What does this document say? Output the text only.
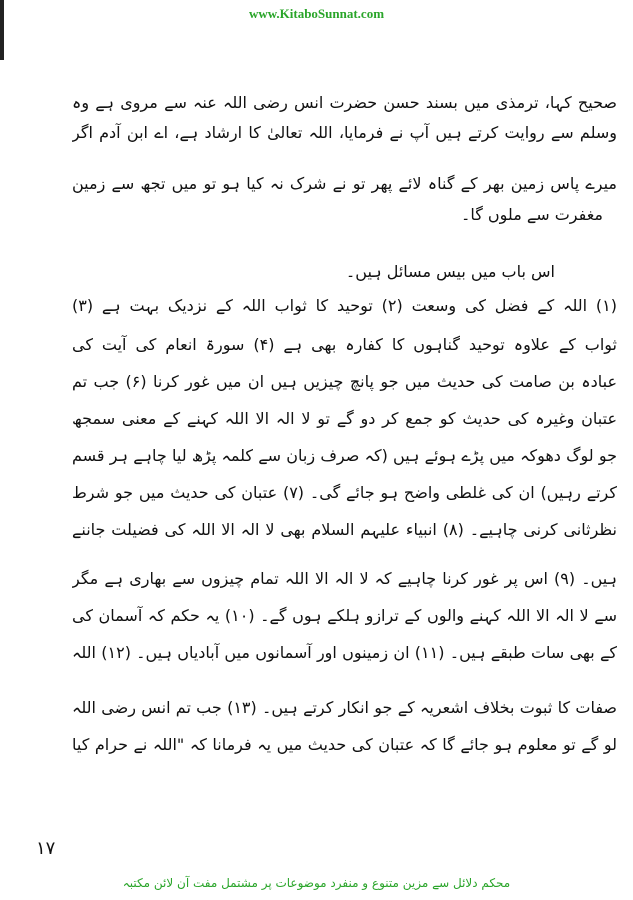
www.KitaboSunnat.com
صحیح کہا، ترمذی میں بسند حسن حضرت انس رضی اللہ عنہ سے مروی ہے وہ
وسلم سے روایت کرتے ہیں آپ نے فرمایا، اللہ تعالیٰ کا ارشاد ہے، اے ابن آدم اگر
میرے پاس زمین بھر کے گناہ لائے پھر تو نے شرک نہ کیا ہو تو میں تجھ سے زمین
مغفرت سے ملوں گا۔
اس باب میں بیس مسائل ہیں۔
(۱) اللہ کے فضل کی وسعت (۲) توحید کا ثواب اللہ کے نزدیک بہت ہے (۳)
ثواب کے علاوہ توحید گناہوں کا کفارہ بھی ہے (۴) سورۃ انعام کی آیت کی
عبادہ بن صامت کی حدیث میں جو پانچ چیزیں ہیں ان میں غور کرنا (۶) جب تم
عتبان وغیرہ کی حدیث کو جمع کر دو گے تو لا الہ الا اللہ کہنے کے معنی سمجھ
جو لوگ دھوکہ میں پڑے ہوئے ہیں (کہ صرف زبان سے کلمہ پڑھ لیا چاہے ہر قسم
کرتے رہیں) ان کی غلطی واضح ہو جائے گی۔ (۷) عتبان کی حدیث میں جو شرط
نظرثانی کرنی چاہیے۔ (۸) انبیاء علیہم السلام بھی لا الہ الا اللہ کی فضیلت جاننے
ہیں۔ (۹) اس پر غور کرنا چاہیے کہ لا الہ الا اللہ تمام چیزوں سے بھاری ہے مگر
سے لا الہ الا اللہ کہنے والوں کے ترازو ہلکے ہوں گے۔ (۱۰) یہ حکم کہ آسمان کی
کے بھی سات طبقے ہیں۔ (۱۱) ان زمینوں اور آسمانوں میں آبادیاں ہیں۔ (۱۲) اللہ
صفات کا ثبوت بخلاف اشعریہ کے جو انکار کرتے ہیں۔ (۱۳) جب تم انس رضی اللہ
لو گے تو معلوم ہو جائے گا کہ عتبان کی حدیث میں یہ فرمانا کہ "اللہ نے حرام کیا
۱۷
محکم دلائل سے مزین متنوع و منفرد موضوعات پر مشتمل مفت آن لائن مکتبہ
